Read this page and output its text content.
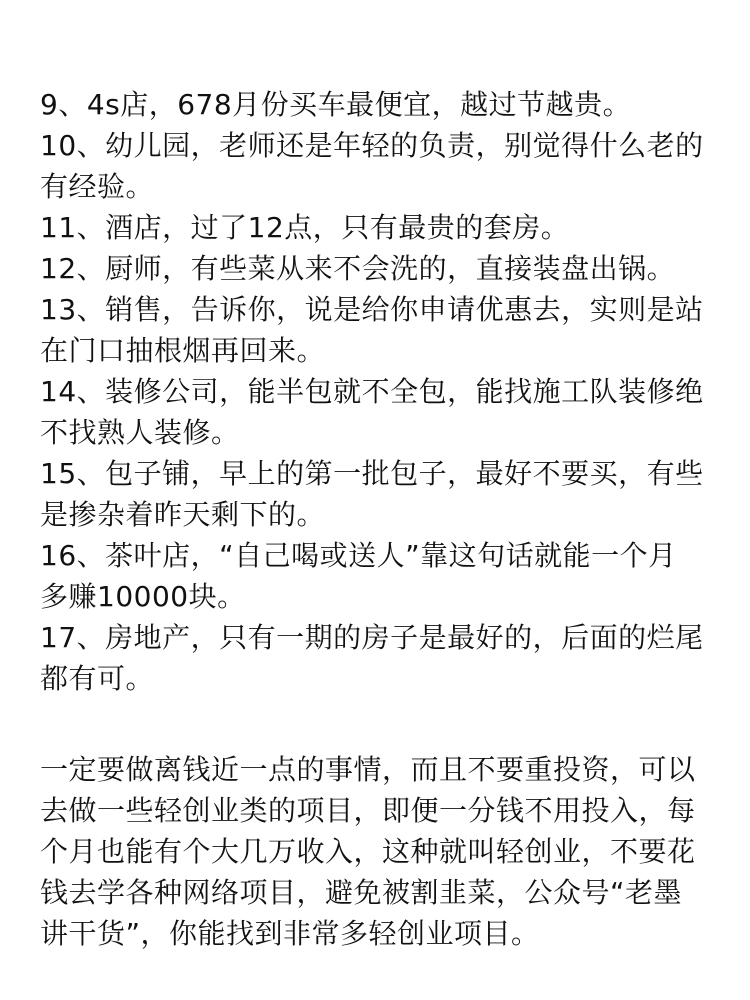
9、4s店，678月份买车最便宜，越过节越贵。
10、幼儿园，老师还是年轻的负责，别觉得什么老的
有经验。
11、酒店，过了12点，只有最贵的套房。
12、厨师，有些菜从来不会洗的，直接装盘出锅。
13、销售，告诉你，说是给你申请优惠去，实则是站
在门口抽根烟再回来。
14、装修公司，能半包就不全包，能找施工队装修绝
不找熟人装修。
15、包子铺，早上的第一批包子，最好不要买，有些
是掺杂着昨天剩下的。
16、茶叶店，“自己喝或送人”靠这句话就能一个月
多赚10000块。
17、房地产，只有一期的房子是最好的，后面的烂尾
都有可。
一定要做离钱近一点的事情，而且不要重投资，可以
去做一些轻创业类的项目，即便一分钱不用投入，每
个月也能有个大几万收入，这种就叫轻创业，不要花
钱去学各种网络项目，避免被割韭菜，公众号“老墨
讲干货”，你能找到非常多轻创业项目。
